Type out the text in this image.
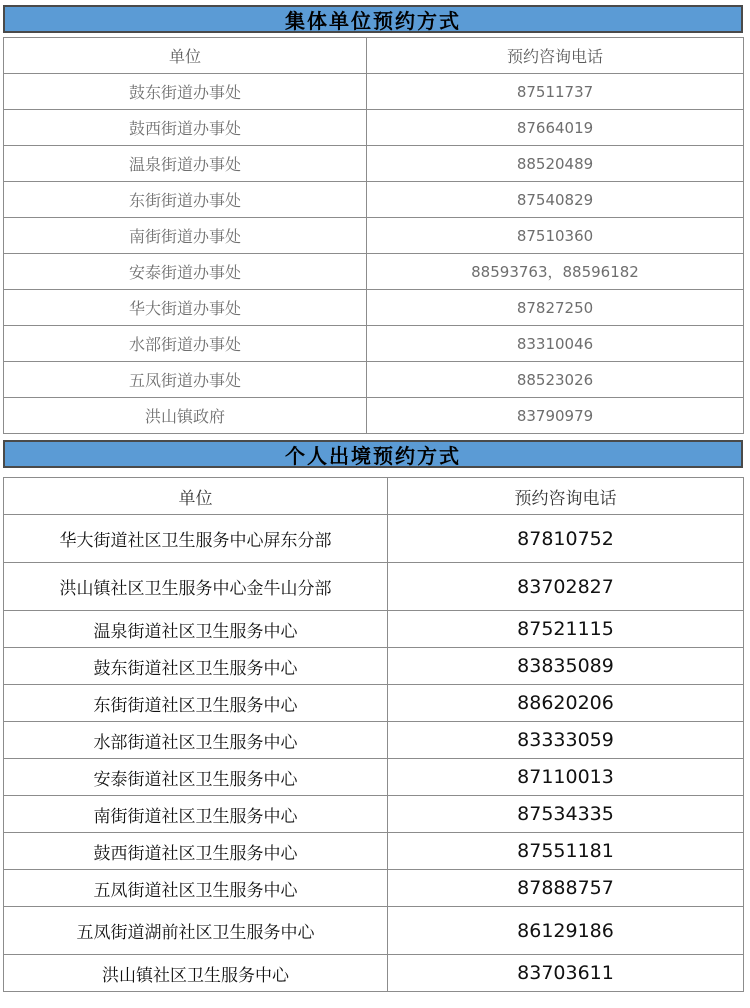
集体单位预约方式
单位	预约咨询电话
鼓东街道办事处	87511737
鼓西街道办事处	87664019
温泉街道办事处	88520489
东街街道办事处	87540829
南街街道办事处	87510360
安泰街道办事处	88593763，88596182
华大街道办事处	87827250
水部街道办事处	83310046
五凤街道办事处	88523026
洪山镇政府	83790979
个人出境预约方式
单位	预约咨询电话
华大街道社区卫生服务中心屏东分部	87810752
洪山镇社区卫生服务中心金牛山分部	83702827
温泉街道社区卫生服务中心	87521115
鼓东街道社区卫生服务中心	83835089
东街街道社区卫生服务中心	88620206
水部街道社区卫生服务中心	83333059
安泰街道社区卫生服务中心	87110013
南街街道社区卫生服务中心	87534335
鼓西街道社区卫生服务中心	87551181
五凤街道社区卫生服务中心	87888757
五凤街道湖前社区卫生服务中心	86129186
洪山镇社区卫生服务中心	83703611
